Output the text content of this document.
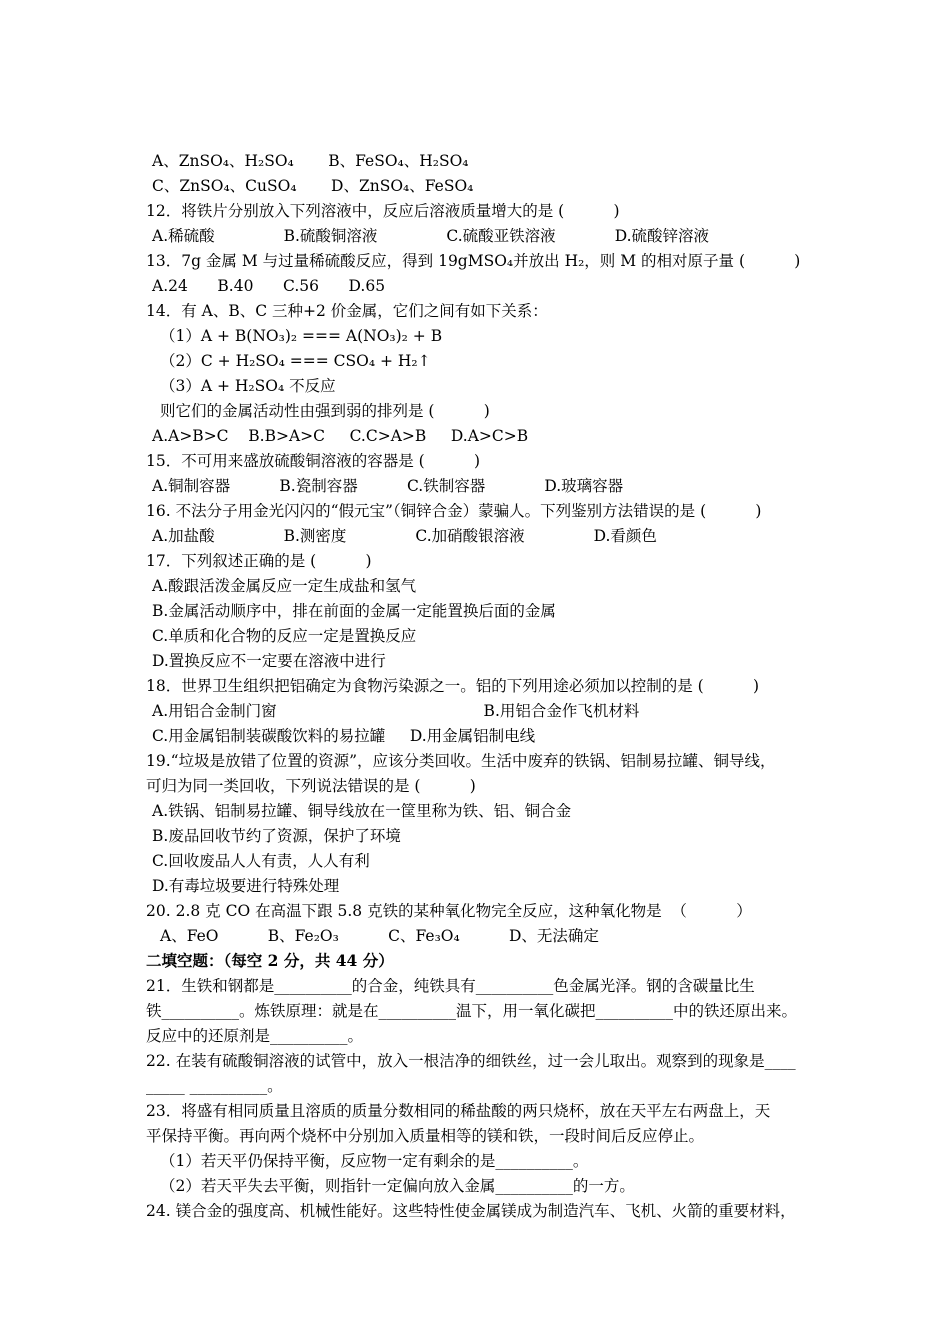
A、ZnSO₄、H₂SO₄       B、FeSO₄、H₂SO₄
C、ZnSO₄、CuSO₄       D、ZnSO₄、FeSO₄
12．将铁片分别放入下列溶液中，反应后溶液质量增大的是 (          )
A.稀硫酸              B.硫酸铜溶液              C.硫酸亚铁溶液            D.硫酸锌溶液
13．7g 金属 M 与过量稀硫酸反应，得到 19gMSO₄并放出 H₂，则 M 的相对原子量 (          )
A.24      B.40      C.56      D.65
14．有 A、B、C 三种+2 价金属，它们之间有如下关系：
（1）A + B(NO₃)₂ === A(NO₃)₂ + B
（2）C + H₂SO₄ === CSO₄ + H₂↑
（3）A + H₂SO₄ 不反应
则它们的金属活动性由强到弱的排列是 (          )
A.A>B>C    B.B>A>C     C.C>A>B     D.A>C>B
15．不可用来盛放硫酸铜溶液的容器是 (          )
A.铜制容器          B.瓷制容器          C.铁制容器            D.玻璃容器
16. 不法分子用金光闪闪的“假元宝”（铜锌合金）蒙骗人。下列鉴别方法错误的是 (          )
A.加盐酸              B.测密度              C.加硝酸银溶液              D.看颜色
17．下列叙述正确的是 (          )
A.酸跟活泼金属反应一定生成盐和氢气
B.金属活动顺序中，排在前面的金属一定能置换后面的金属
C.单质和化合物的反应一定是置换反应
D.置换反应不一定要在溶液中进行
18．世界卫生组织把铝确定为食物污染源之一。铝的下列用途必须加以控制的是 (          )
A.用铝合金制门窗                                          B.用铝合金作飞机材料
C.用金属铝制装碳酸饮料的易拉罐     D.用金属铝制电线
19.“垃圾是放错了位置的资源”，应该分类回收。生活中废弃的铁锅、铝制易拉罐、铜导线，
可归为同一类回收，下列说法错误的是 (          )
A.铁锅、铝制易拉罐、铜导线放在一筐里称为铁、铝、铜合金
B.废品回收节约了资源，保护了环境
C.回收废品人人有责，人人有利
D.有毒垃圾要进行特殊处理
20. 2.8 克 CO 在高温下跟 5.8 克铁的某种氧化物完全反应，这种氧化物是  （          ）
A、FeO          B、Fe₂O₃          C、Fe₃O₄          D、无法确定
二填空题：（每空 2 分，共 44 分）
21．生铁和钢都是__________的合金，纯铁具有__________色金属光泽。钢的含碳量比生
铁__________。炼铁原理：就是在__________温下，用一氧化碳把__________中的铁还原出来。
反应中的还原剂是__________。
22. 在装有硫酸铜溶液的试管中，放入一根洁净的细铁丝，过一会儿取出。观察到的现象是____
_____ __________。
23．将盛有相同质量且溶质的质量分数相同的稀盐酸的两只烧杯，放在天平左右两盘上，天
平保持平衡。再向两个烧杯中分别加入质量相等的镁和铁，一段时间后反应停止。
（1）若天平仍保持平衡，反应物一定有剩余的是__________。
（2）若天平失去平衡，则指针一定偏向放入金属__________的一方。
24. 镁合金的强度高、机械性能好。这些特性使金属镁成为制造汽车、飞机、火箭的重要材料，
